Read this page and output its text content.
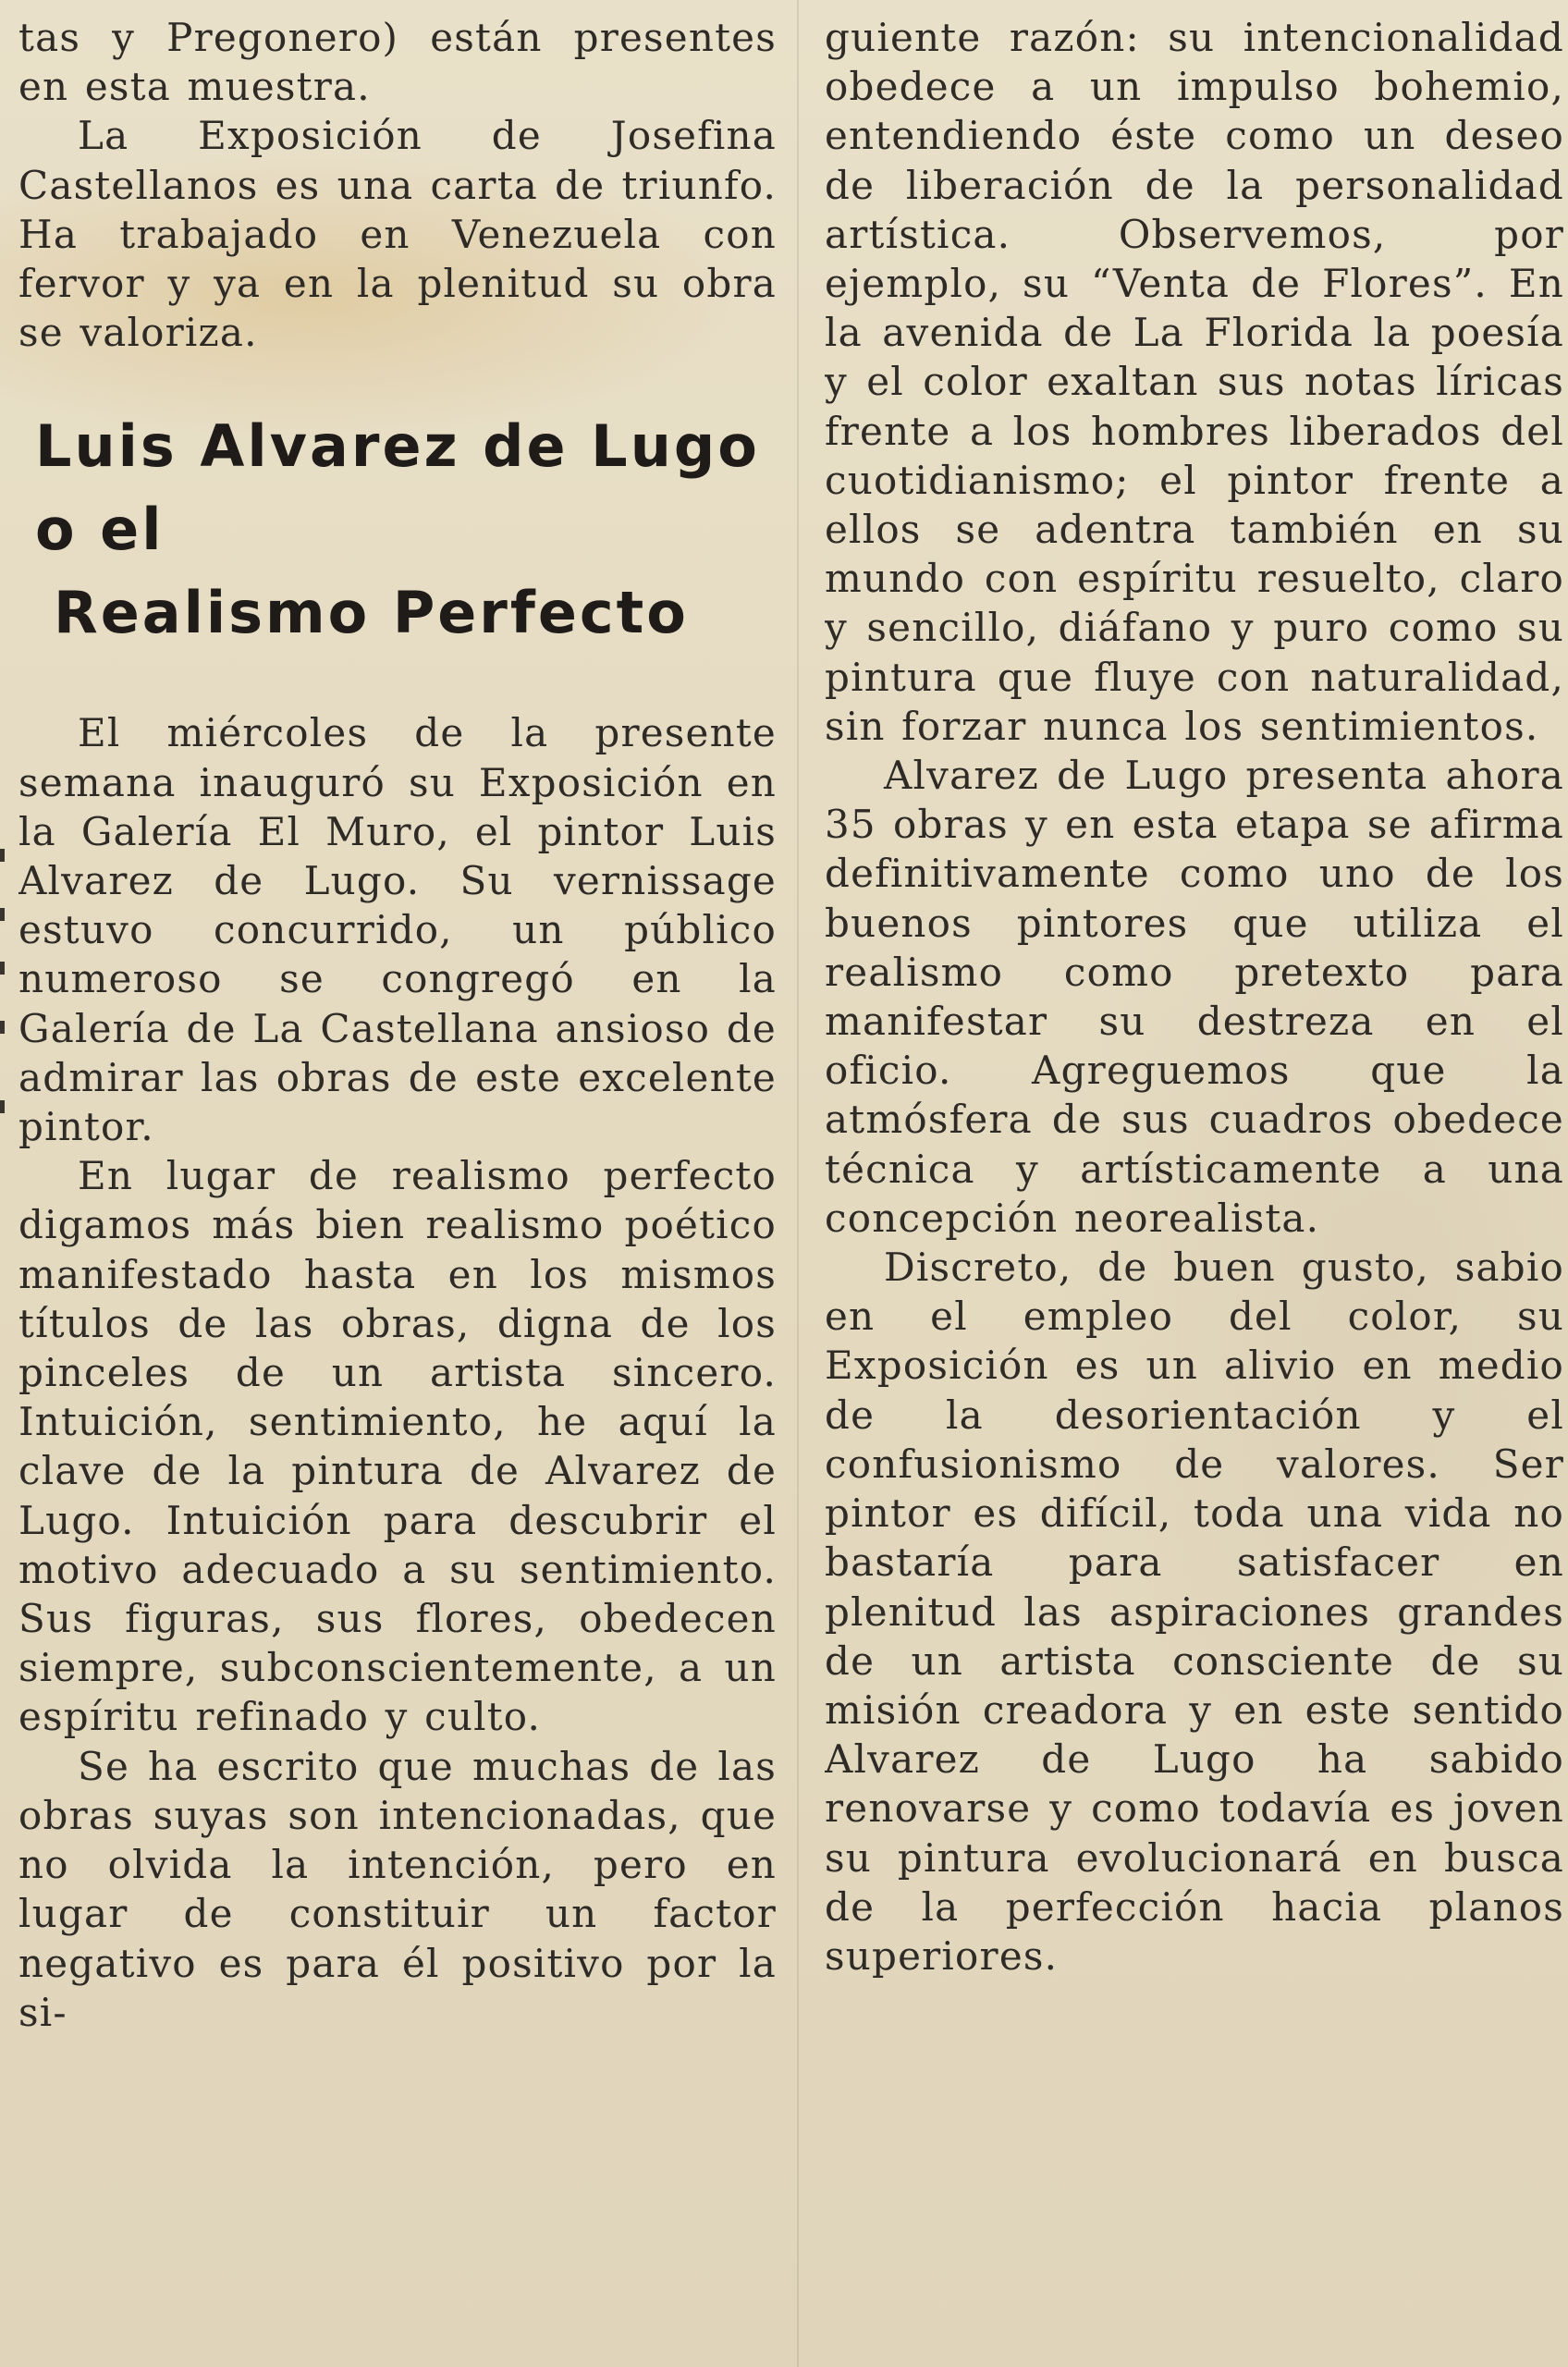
tas y Pregonero) están presentes en esta muestra.

La Exposición de Josefina Castellanos es una carta de triunfo. Ha trabajado en Venezuela con fervor y ya en la plenitud su obra se valoriza.

Luis Alvarez de Lugo
o el
Realismo Perfecto

El miércoles de la presente semana inauguró su Exposición en la Galería El Muro, el pintor Luis Alvarez de Lugo. Su vernissage estuvo concurrido, un público numeroso se congregó en la Galería de La Castellana ansioso de admirar las obras de este excelente pintor.

En lugar de realismo perfecto digamos más bien realismo poético manifestado hasta en los mismos títulos de las obras, digna de los pinceles de un artista sincero. Intuición, sentimiento, he aquí la clave de la pintura de Alvarez de Lugo. Intuición para descubrir el motivo adecuado a su sentimiento. Sus figuras, sus flores, obedecen siempre, subconscientemente, a un espíritu refinado y culto.

Se ha escrito que muchas de las obras suyas son intencionadas, que no olvida la intención, pero en lugar de constituir un factor negativo es para él positivo por la si-

guiente razón: su intencionalidad obedece a un impulso bohemio, entendiendo éste como un deseo de liberación de la personalidad artística. Observemos, por ejemplo, su “Venta de Flores”. En la avenida de La Florida la poesía y el color exaltan sus notas líricas frente a los hombres liberados del cuotidianismo; el pintor frente a ellos se adentra también en su mundo con espíritu resuelto, claro y sencillo, diáfano y puro como su pintura que fluye con naturalidad, sin forzar nunca los sentimientos.

Alvarez de Lugo presenta ahora 35 obras y en esta etapa se afirma definitivamente como uno de los buenos pintores que utiliza el realismo como pretexto para manifestar su destreza en el oficio. Agreguemos que la atmósfera de sus cuadros obedece técnica y artísticamente a una concepción neorealista.

Discreto, de buen gusto, sabio en el empleo del color, su Exposición es un alivio en medio de la desorientación y el confusionismo de valores. Ser pintor es difícil, toda una vida no bastaría para satisfacer en plenitud las aspiraciones grandes de un artista consciente de su misión creadora y en este sentido Alvarez de Lugo ha sabido renovarse y como todavía es joven su pintura evolucionará en busca de la perfección hacia planos superiores.
